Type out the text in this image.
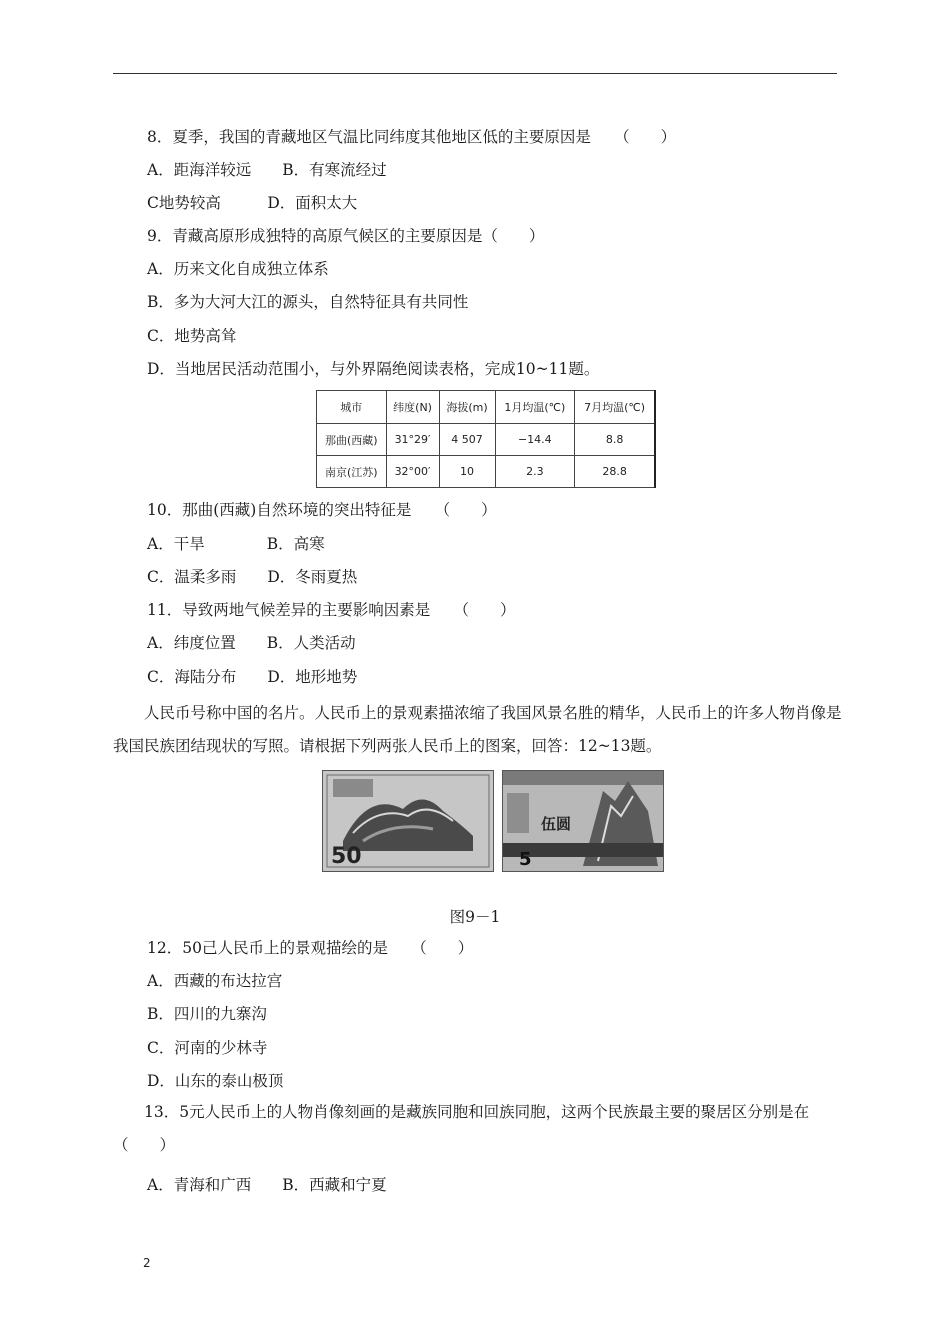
8．夏季，我国的青藏地区气温比同纬度其他地区低的主要原因是　　（　　）
A．距海洋较远　　B．有寒流经过
C地势较高　　　D．面积太大
9．青藏高原形成独特的高原气候区的主要原因是（　　）
A．历来文化自成独立体系
B．多为大河大江的源头，自然特征具有共同性
C．地势高耸
D．当地居民活动范围小，与外界隔绝阅读表格，完成10~11题。
城市	纬度(N)	海拔(m)	1月均温(℃)	7月均温(℃)
那曲(西藏)	31°29′	4 507	−14.4	8.8
南京(江苏)	32°00′	10	2.3	28.8
10．那曲(西藏)自然环境的突出特征是　　（　　）
A．干旱　　　　B．高寒
C．温柔多雨　　D．冬雨夏热
11．导致两地气候差异的主要影响因素是　　（　　）
A．纬度位置　　B．人类活动
C．海陆分布　　D．地形地势
人民币号称中国的名片。人民币上的景观素描浓缩了我国风景名胜的精华，人民币上的许多人物肖像是我国民族团结现状的写照。请根据下列两张人民币上的图案，回答：12~13题。
50
伍圆
5
图9－1
12．50己人民币上的景观描绘的是　　（　　）
A．西藏的布达拉宫
B．四川的九寨沟
C．河南的少林寺
D．山东的泰山极顶
13．5元人民币上的人物肖像刻画的是藏族同胞和回族同胞，这两个民族最主要的聚居区分别是在（　　）
A．青海和广西　　B．西藏和宁夏
2
